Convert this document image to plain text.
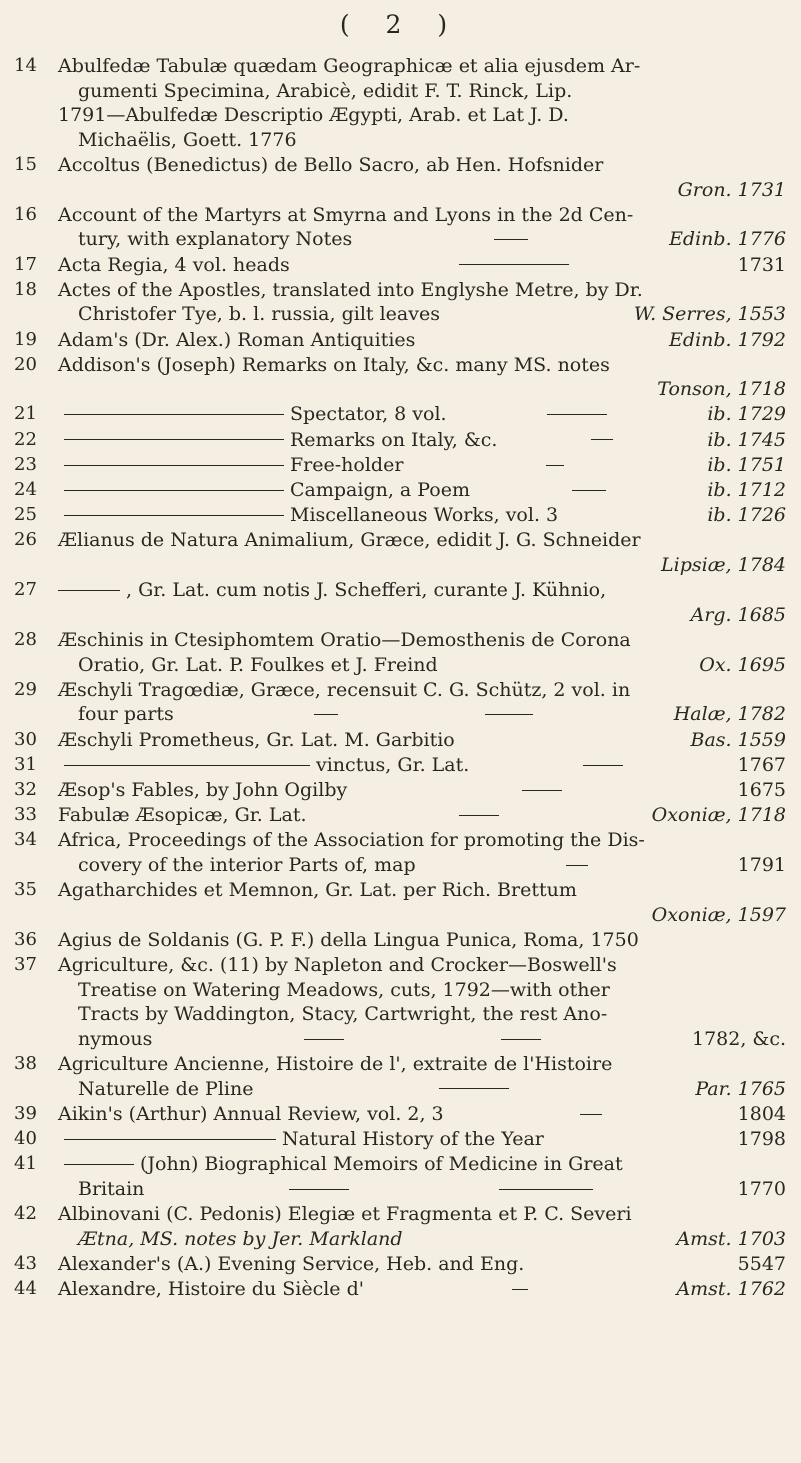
( 2 )
14	Abulfedæ Tabulæ quædam Geographicæ et alia ejusdem Ar-
gumenti Specimina, Arabicè, edidit F. T. Rinck, Lip.
1791—Abulfedæ Descriptio Ægypti, Arab. et Lat J. D.
Michaëlis, Goett. 1776
15	Accoltus (Benedictus) de Bello Sacro, ab Hen. Hofsnider
Gron. 1731
16	Account of the Martyrs at Smyrna and Lyons in the 2d Cen-
tury, with explanatory Notes	Edinb. 1776
17	Acta Regia, 4 vol. heads	1731
18	Actes of the Apostles, translated into Englyshe Metre, by Dr.
Christofer Tye, b. l. russia, gilt leaves	W. Serres, 1553
19	Adam's (Dr. Alex.) Roman Antiquities	Edinb. 1792
20	Addison's (Joseph) Remarks on Italy, &c. many MS. notes
Tonson, 1718
21	Spectator, 8 vol.	ib. 1729
22	Remarks on Italy, &c.	ib. 1745
23	Free-holder	ib. 1751
24	Campaign, a Poem	ib. 1712
25	Miscellaneous Works, vol. 3	ib. 1726
26	Ælianus de Natura Animalium, Græce, edidit J. G. Schneider
Lipsiæ, 1784
27	, Gr. Lat. cum notis J. Schefferi, curante J. Kühnio,
Arg. 1685
28	Æschinis in Ctesiphomtem Oratio—Demosthenis de Corona
Oratio, Gr. Lat. P. Foulkes et J. Freind	Ox. 1695
29	Æschyli Tragœdiæ, Græce, recensuit C. G. Schütz, 2 vol. in
four parts	Halæ, 1782
30	Æschyli Prometheus, Gr. Lat. M. Garbitio	Bas. 1559
31	vinctus, Gr. Lat.	1767
32	Æsop's Fables, by John Ogilby	1675
33	Fabulæ Æsopicæ, Gr. Lat.	Oxoniæ, 1718
34	Africa, Proceedings of the Association for promoting the Dis-
covery of the interior Parts of, map	1791
35	Agatharchides et Memnon, Gr. Lat. per Rich. Brettum
Oxoniæ, 1597
36	Agius de Soldanis (G. P. F.) della Lingua Punica, Roma, 1750
37	Agriculture, &c. (11) by Napleton and Crocker—Boswell's
Treatise on Watering Meadows, cuts, 1792—with other
Tracts by Waddington, Stacy, Cartwright, the rest Ano-
nymous	1782, &c.
38	Agriculture Ancienne, Histoire de l', extraite de l'Histoire
Naturelle de Pline	Par. 1765
39	Aikin's (Arthur) Annual Review, vol. 2, 3	1804
40	Natural History of the Year	1798
41	(John) Biographical Memoirs of Medicine in Great
Britain	1770
42	Albinovani (C. Pedonis) Elegiæ et Fragmenta et P. C. Severi
Ætna, MS. notes by Jer. Markland	Amst. 1703
43	Alexander's (A.) Evening Service, Heb. and Eng.	5547
44	Alexandre, Histoire du Siècle d'	Amst. 1762
